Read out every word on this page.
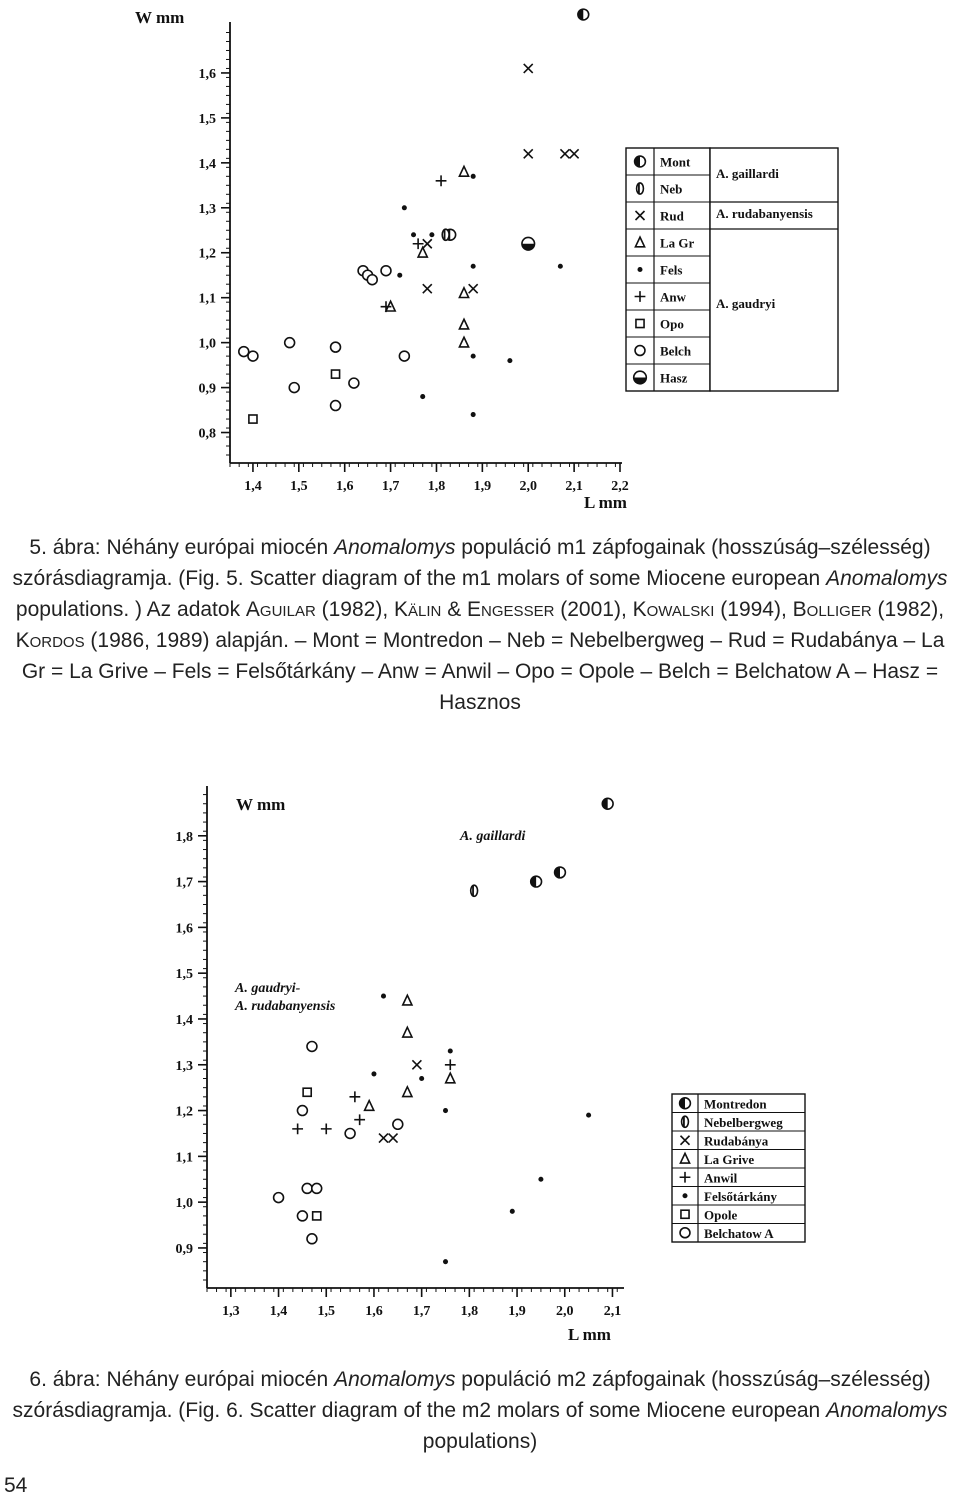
0,8
0,9
1,0
1,1
1,2
1,3
1,4
1,5
1,6
1,4 1,5 1,6 1,7 1,8 1,9 2,0 2,1 2,2
W mm
L mm
Mont
Neb
Rud
La Gr
Fels
Anw
Opo
Belch
Hasz
A. gaillardi
A. rudabanyensis
A. gaudryi
5. ábra: Néhány európai miocén Anomalomys populáció m1 zápfogainak (hosszúság–szélesség) szórásdiagramja. (Fig. 5. Scatter diagram of the m1 molars of some Miocene european Anomalomys populations. ) Az adatok Aguilar (1982), Kälin & Engesser (2001), Kowalski (1994), Bolliger (1982), Kordos (1986, 1989) alapján. – Mont = Montredon – Neb = Nebelbergweg – Rud = Rudabánya – La Gr = La Grive – Fels = Felsőtárkány – Anw = Anwil – Opo = Opole – Belch = Belchatow A – Hasz = Hasznos
0,9
1,0
1,1
1,2
1,3
1,4
1,5
1,6
1,7
1,8
1,3 1,4 1,5 1,6 1,7 1,8 1,9 2,0 2,1
W mm
L mm
Montredon
Nebelbergweg
Rudabánya
La Grive
Anwil
Felsőtárkány
Opole
Belchatow A
A. gaillardi
A. gaudryi-
A. rudabanyensis
6. ábra: Néhány európai miocén Anomalomys populáció m2 zápfogainak (hosszúság–szélesség) szórásdiagramja. (Fig. 6. Scatter diagram of the m2 molars of some Miocene european Anomalomys populations)
54
